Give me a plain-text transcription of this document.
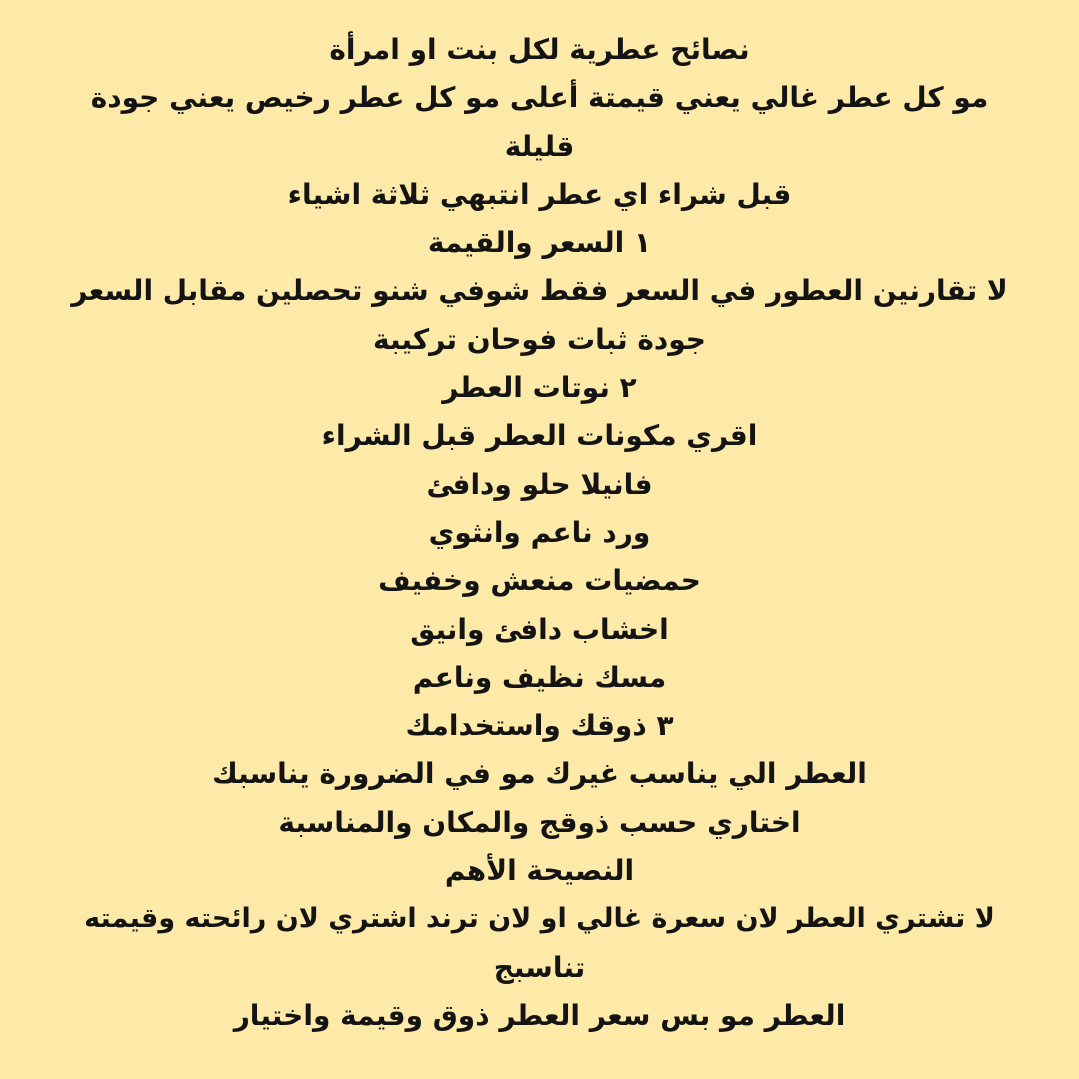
نصائح عطرية لكل بنت او امرأة

مو كل عطر غالي يعني قيمتة أعلى مو كل عطر رخيص يعني جودة

قليلة

قبل شراء اي عطر انتبهي ثلاثة اشياء

١ السعر والقيمة

لا تقارنين العطور في السعر فقط شوفي شنو تحصلين مقابل السعر

جودة ثبات فوحان تركيبة

٢ نوتات العطر

اقري مكونات العطر قبل الشراء

فانيلا حلو ودافئ

ورد ناعم وانثوي

حمضيات منعش وخفيف

اخشاب دافئ وانيق

مسك نظيف وناعم

٣ ذوقك واستخدامك

العطر الي يناسب غيرك مو في الضرورة يناسبك

اختاري حسب ذوقج والمكان والمناسبة

النصيحة الأهم

لا تشتري العطر لان سعرة غالي او لان ترند اشتري لان رائحته وقيمته

تناسبج

العطر مو بس سعر العطر ذوق وقيمة واختيار
